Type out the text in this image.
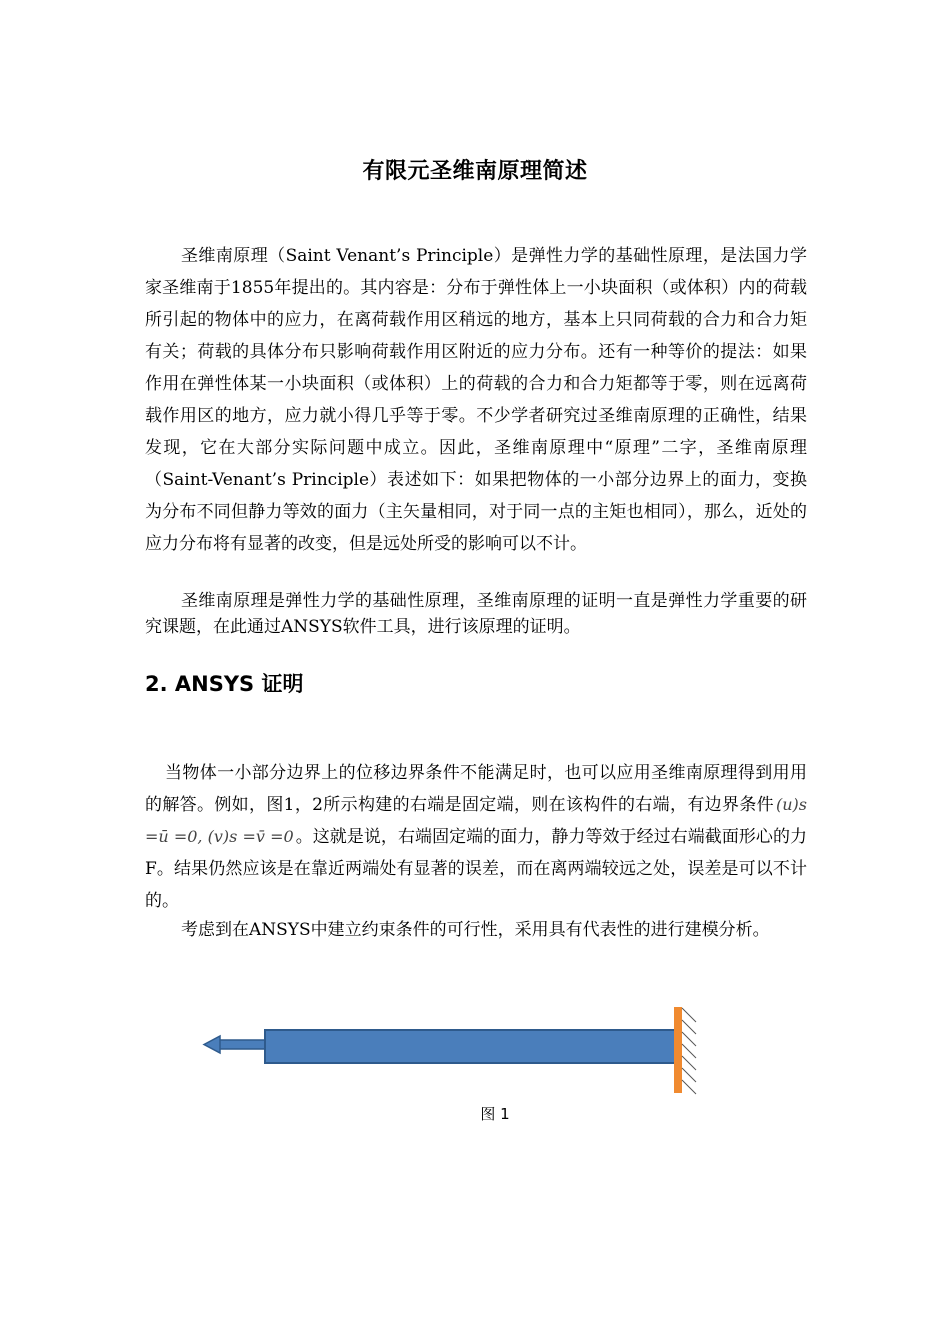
有限元圣维南原理简述
圣维南原理（Saint Venant’s Principle）是弹性力学的基础性原理，是法国力学家圣维南于1855年提出的。其内容是：分布于弹性体上一小块面积（或体积）内的荷载所引起的物体中的应力，在离荷载作用区稍远的地方，基本上只同荷载的合力和合力矩有关；荷载的具体分布只影响荷载作用区附近的应力分布。还有一种等价的提法：如果作用在弹性体某一小块面积（或体积）上的荷载的合力和合力矩都等于零，则在远离荷载作用区的地方，应力就小得几乎等于零。不少学者研究过圣维南原理的正确性，结果发现，它在大部分实际问题中成立。因此，圣维南原理中“原理”二字，圣维南原理（Saint-Venant’s Principle）表述如下：如果把物体的一小部分边界上的面力，变换为分布不同但静力等效的面力（主矢量相同，对于同一点的主矩也相同），那么，近处的应力分布将有显著的改变，但是远处所受的影响可以不计。
圣维南原理是弹性力学的基础性原理，圣维南原理的证明一直是弹性力学重要的研究课题，在此通过ANSYS软件工具，进行该原理的证明。
2. ANSYS 证明
当物体一小部分边界上的位移边界条件不能满足时，也可以应用圣维南原理得到用用的解答。例如，图1，2所示构建的右端是固定端，则在该构件的右端，有边界条件 (u)s =ū =0, (v)s =v̄ =0 。这就是说，右端固定端的面力，静力等效于经过右端截面形心的力F。结果仍然应该是在靠近两端处有显著的误差，而在离两端较远之处，误差是可以不计的。
考虑到在ANSYS中建立约束条件的可行性，采用具有代表性的进行建模分析。
图 1
